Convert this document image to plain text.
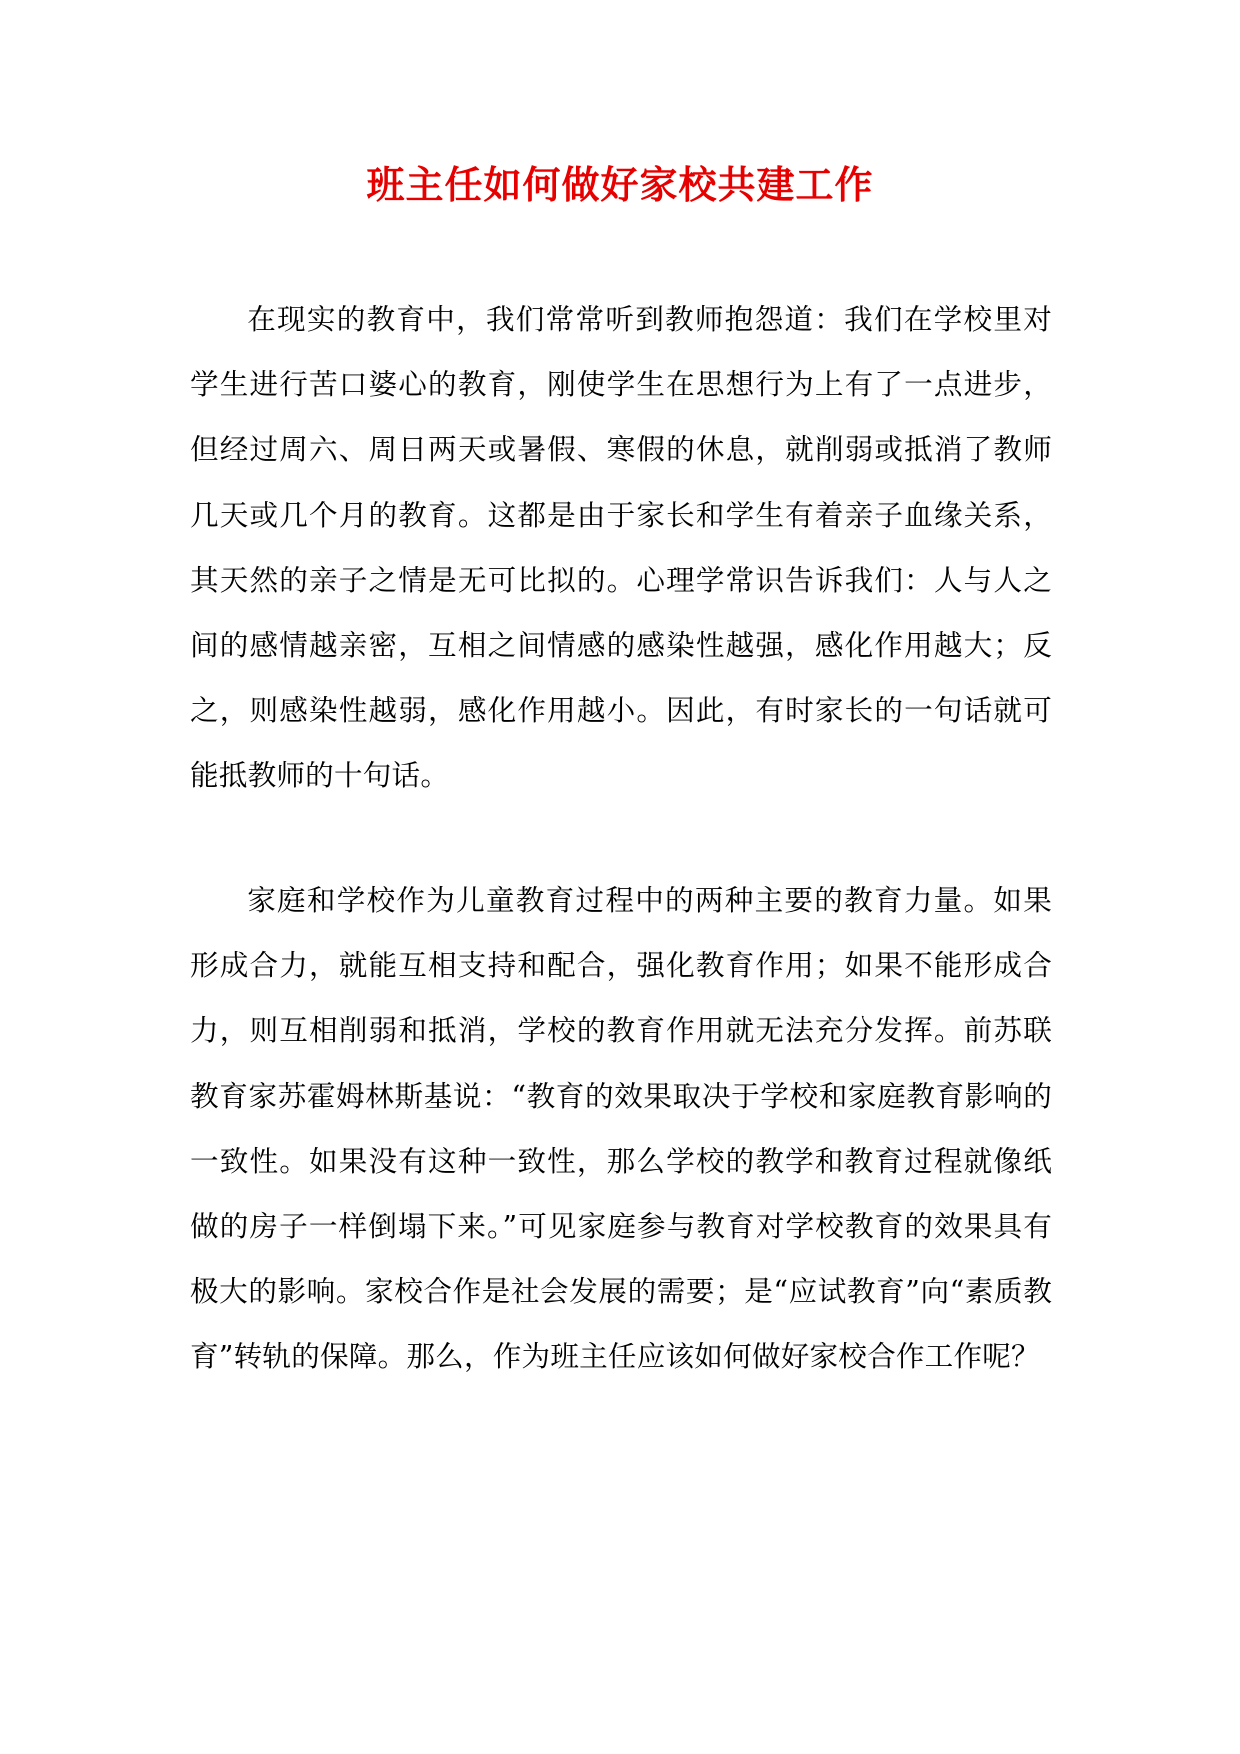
班主任如何做好家校共建工作

在现实的教育中，我们常常听到教师抱怨道：我们在学校里对学生进行苦口婆心的教育，刚使学生在思想行为上有了一点进步，但经过周六、周日两天或暑假、寒假的休息，就削弱或抵消了教师几天或几个月的教育。这都是由于家长和学生有着亲子血缘关系，其天然的亲子之情是无可比拟的。心理学常识告诉我们：人与人之间的感情越亲密，互相之间情感的感染性越强，感化作用越大；反之，则感染性越弱，感化作用越小。因此，有时家长的一句话就可能抵教师的十句话。

家庭和学校作为儿童教育过程中的两种主要的教育力量。如果形成合力，就能互相支持和配合，强化教育作用；如果不能形成合力，则互相削弱和抵消，学校的教育作用就无法充分发挥。前苏联教育家苏霍姆林斯基说：“教育的效果取决于学校和家庭教育影响的一致性。如果没有这种一致性，那么学校的教学和教育过程就像纸做的房子一样倒塌下来。”可见家庭参与教育对学校教育的效果具有极大的影响。家校合作是社会发展的需要；是“应试教育”向“素质教育”转轨的保障。那么，作为班主任应该如何做好家校合作工作呢？
